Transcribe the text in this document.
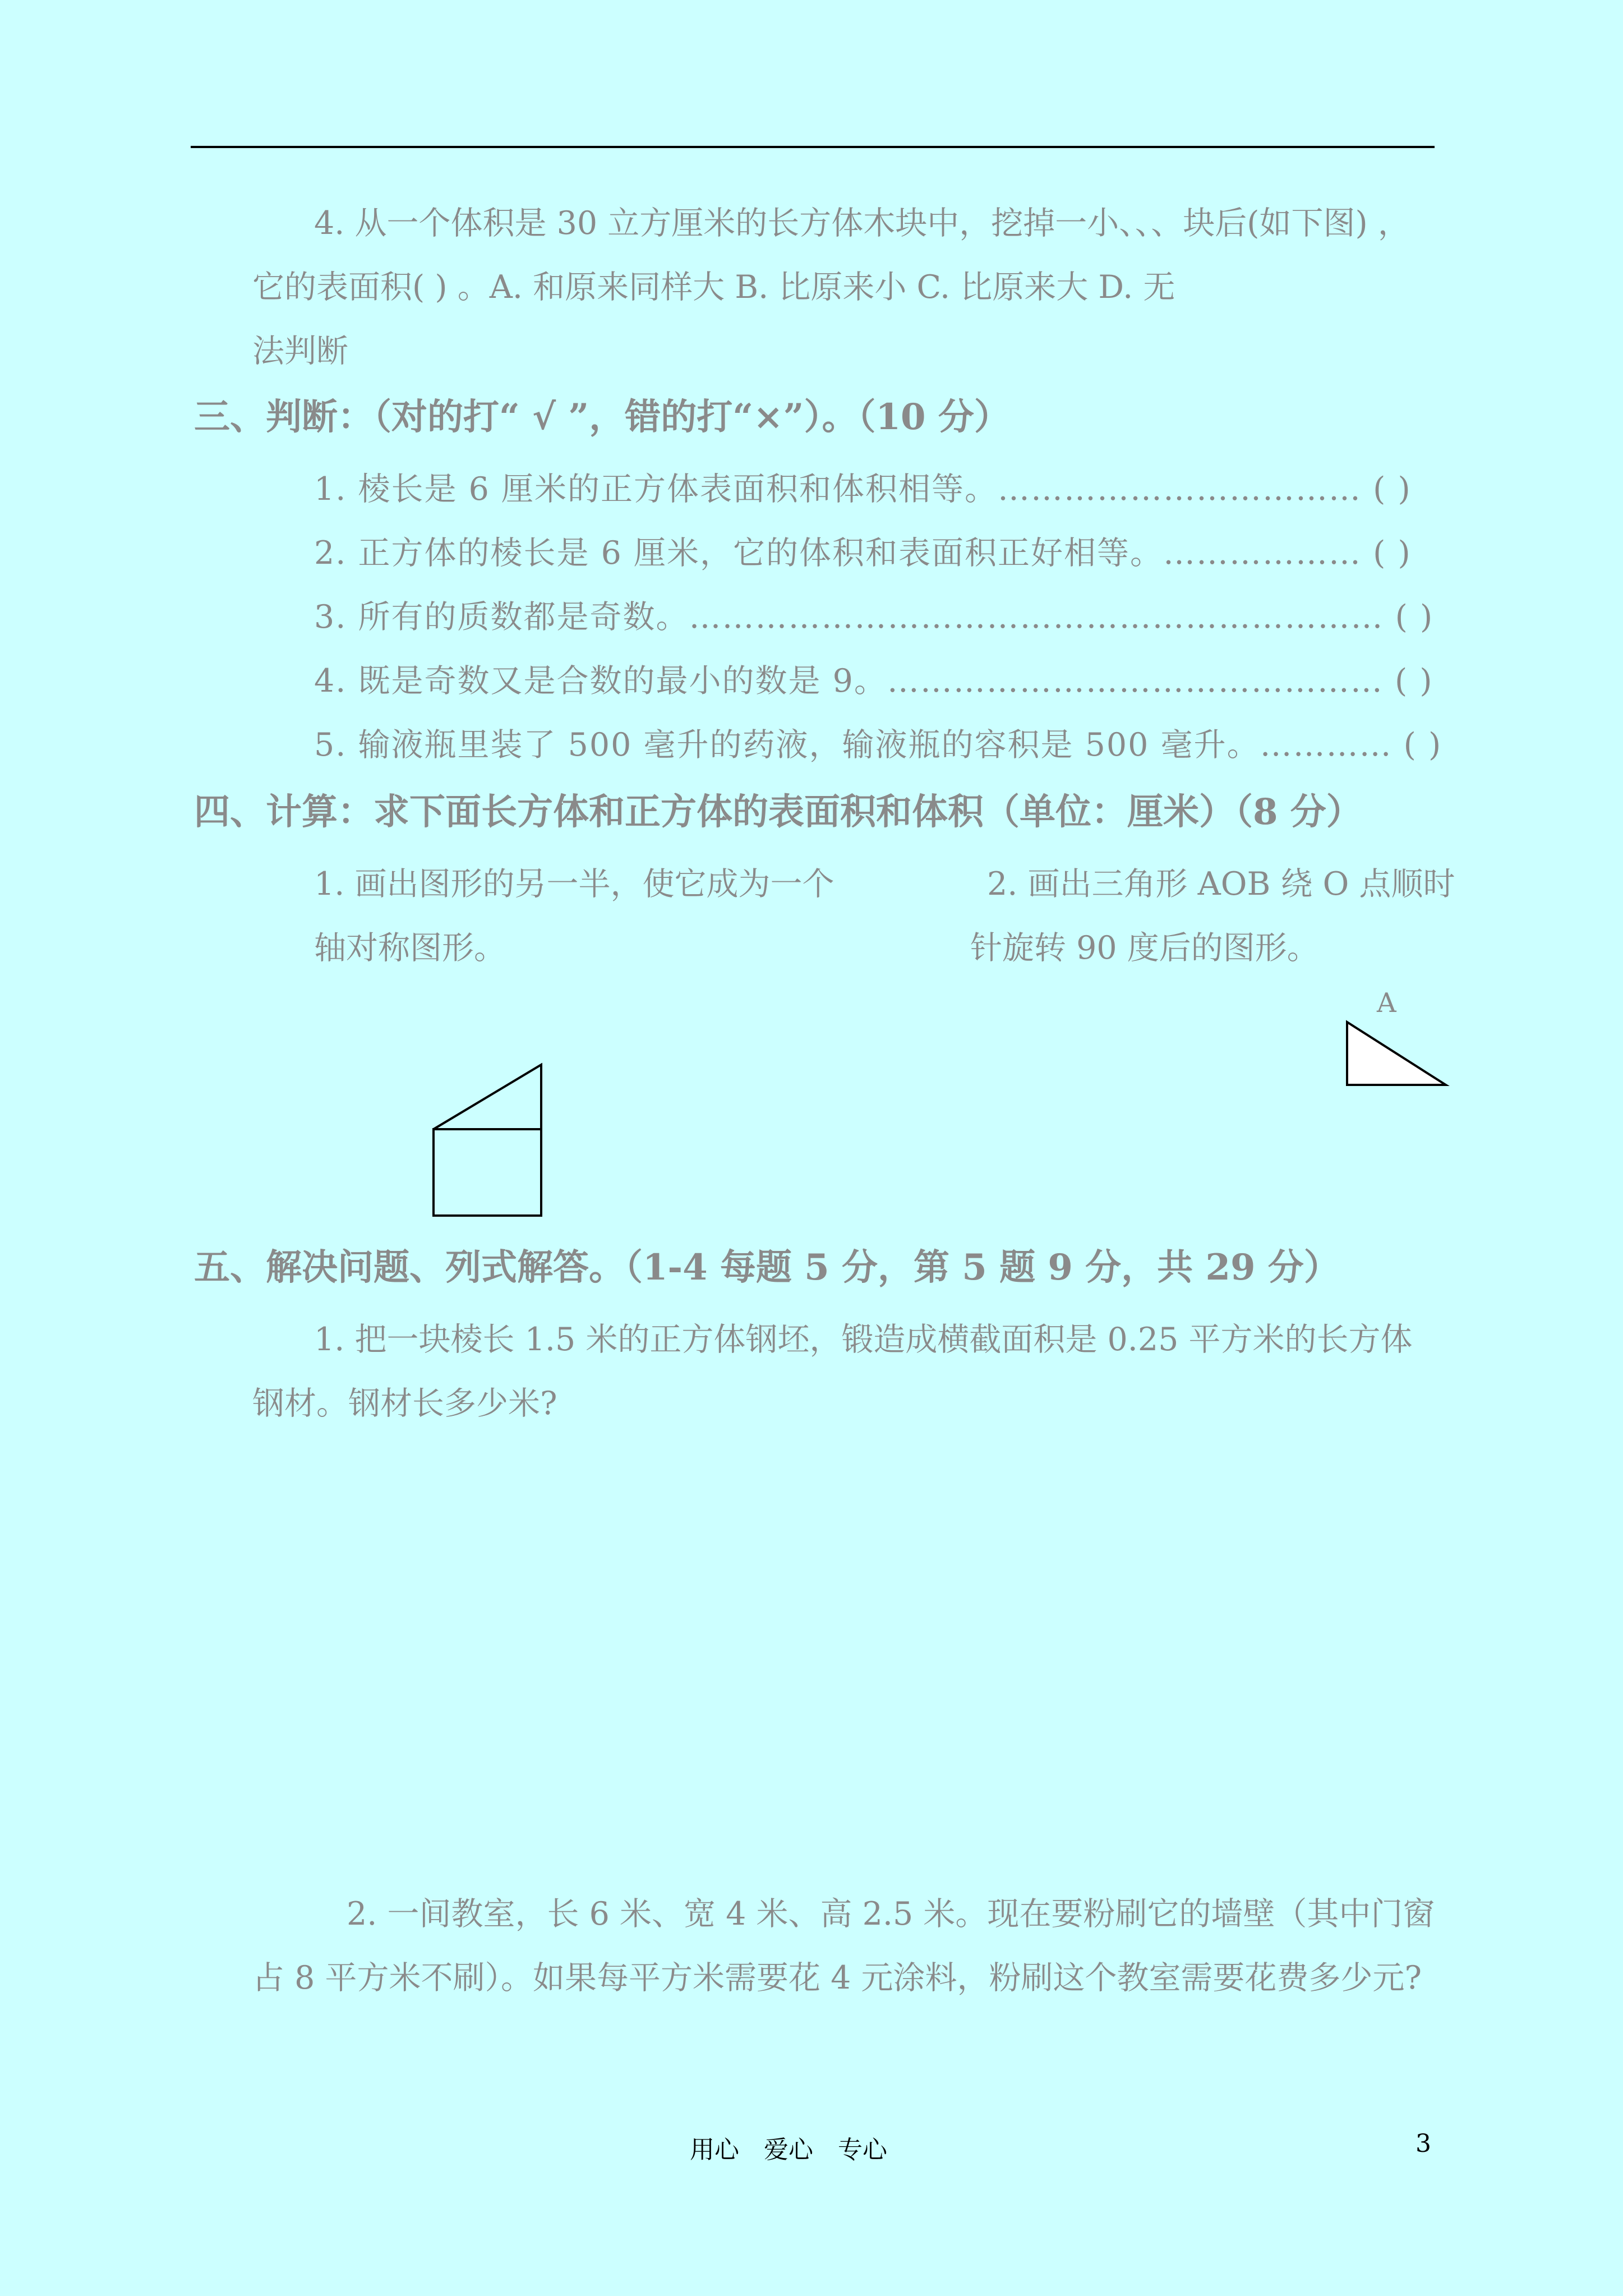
4. 从一个体积是 30 立方厘米的长方体木块中，挖掉一小、、、块后(如下图) ，
它的表面积( ) 。A. 和原来同样大 B. 比原来小 C. 比原来大 D. 无
法判断
三、判断：（对的打“ √ ”，错的打“×”）。（10 分）
1. 棱长是 6 厘米的正方体表面积和体积相等。…………………………… ( )
2. 正方体的棱长是 6 厘米，它的体积和表面积正好相等。……………… ( )
3. 所有的质数都是奇数。……………………………………………………… ( )
4. 既是奇数又是合数的最小的数是 9。……………………………………… ( )
5. 输液瓶里装了 500 毫升的药液，输液瓶的容积是 500 毫升。………… ( )
四、计算：求下面长方体和正方体的表面积和体积（单位：厘米）（8 分）
1. 画出图形的另一半，使它成为一个
轴对称图形。
2. 画出三角形 AOB 绕 O 点顺时
针旋转 90 度后的图形。
A
五、解决问题、列式解答。（1-4 每题 5 分，第 5 题 9 分，共 29 分）
1. 把一块棱长 1.5 米的正方体钢坯，锻造成横截面积是 0.25 平方米的长方体
钢材。钢材长多少米?
2. 一间教室，长 6 米、宽 4 米、高 2.5 米。现在要粉刷它的墙壁（其中门窗
占 8 平方米不刷）。如果每平方米需要花 4 元涂料，粉刷这个教室需要花费多少元?
用心　爱心　专心	3
